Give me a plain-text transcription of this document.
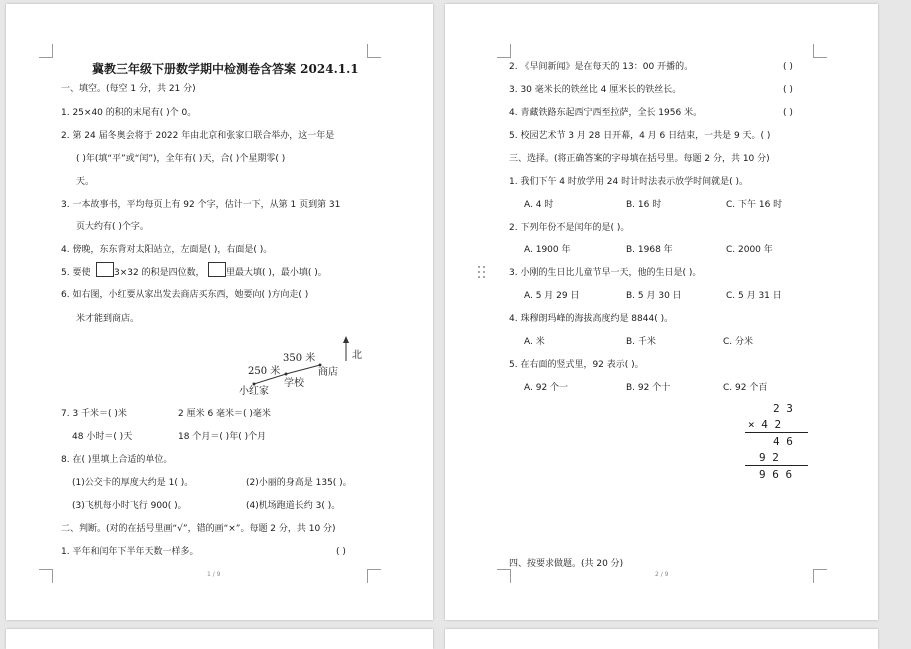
冀教三年级下册数学期中检测卷含答案 2024.1.1
一、填空。(每空 1 分，共 21 分)
1. 25×40 的积的末尾有( )个 0。
2. 第 24 届冬奥会将于 2022 年由北京和张家口联合举办，这一年是
( )年(填“平”或“闰”)，全年有( )天，合( )个星期零( )
天。
3. 一本故事书，平均每页上有 92 个字，估计一下，从第 1 页到第 31
页大约有( )个字。
4. 傍晚，东东背对太阳站立，左面是( )，右面是( )。
5. 要使	3×32 的积是四位数， 里最大填( )，最小填( )。
6. 如右图，小红要从家出发去商店买东西，她要向( )方向走( )
米才能到商店。
北
350 米
250 米	商店
学校
小红家
7. 3 千米＝( )米	2 厘米 6 毫米＝( )毫米
48 小时＝( )天	18 个月＝( )年( )个月
8. 在( )里填上合适的单位。
(1)公交卡的厚度大约是 1( )。	(2)小丽的身高是 135( )。
(3)飞机每小时飞行 900( )。	(4)机场跑道长约 3( )。
二、判断。(对的在括号里画“√”，错的画“×”。每题 2 分，共 10 分)
1. 平年和闰年下半年天数一样多。	( )
1 / 9
2. 《早间新闻》是在每天的 13：00 开播的。	( )
3. 30 毫米长的铁丝比 4 厘米长的铁丝长。	( )
4. 青藏铁路东起西宁西至拉萨，全长 1956 米。	( )
5. 校园艺术节 3 月 28 日开幕，4 月 6 日结束，一共是 9 天。( )
三、选择。(将正确答案的字母填在括号里。每题 2 分，共 10 分)
1. 我们下午 4 时放学用 24 时计时法表示放学时间就是( )。
A. 4 时	B. 16 时	C. 下午 16 时
2. 下列年份不是闰年的是( )。
A. 1900 年	B. 1968 年	C. 2000 年
3. 小刚的生日比儿童节早一天，他的生日是( )。
A. 5 月 29 日	B. 5 月 30 日	C. 5 月 31 日
4. 珠穆朗玛峰的海拔高度约是 8844( )。
A. 米	B. 千米	C. 分米
5. 在右面的竖式里，92 表示( )。
A. 92 个一	B. 92 个十	C. 92 个百
2 3
× 4 2
4 6
9 2
9 6 6
四、按要求做题。(共 20 分)
2 / 9
